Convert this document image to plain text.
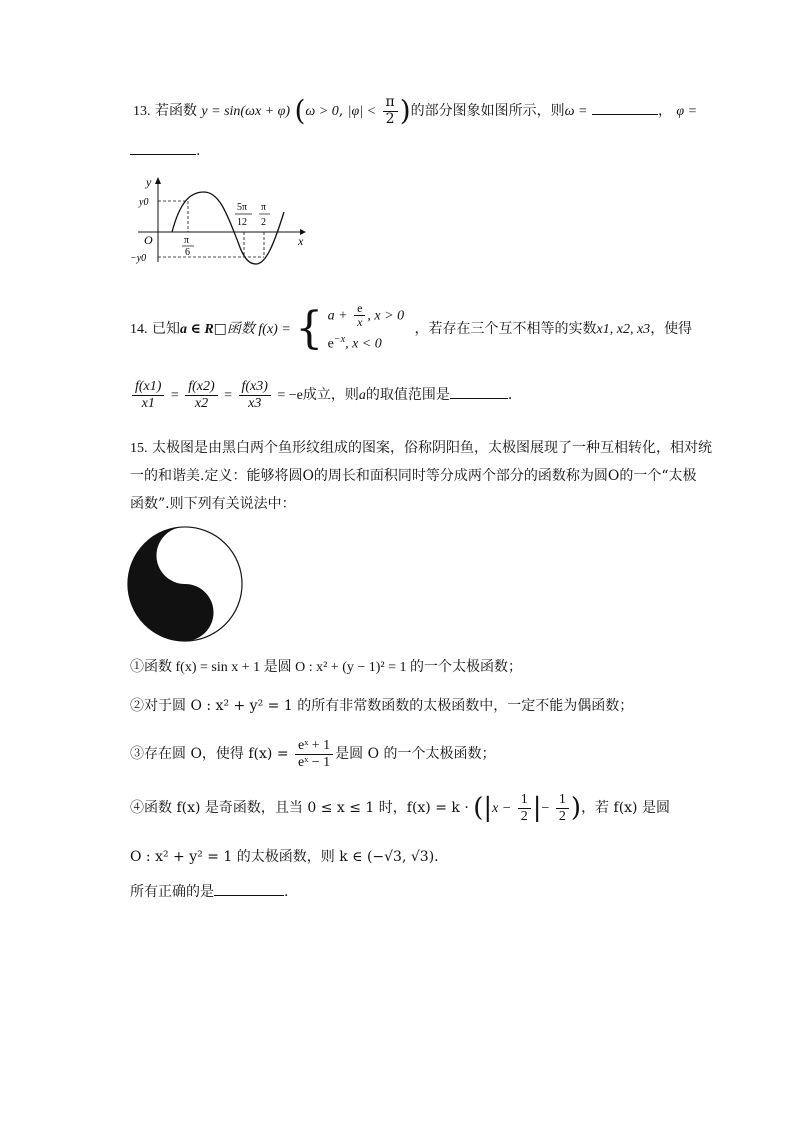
13. 若函数 y = sin(ωx + φ) (ω > 0, $|\varphi| < \frac{\pi}{2}$ )的部分图象如图所示，则ω =	， φ =
.
y
x
O
y0
−y0
π
6
5π
12
π
2
14. 已知a ∈ R□函数 f(x) = { $a + \frac{e}{x}$ , x > 0
$e^{-x}$, x < 0
，若存在三个互不相等的实数x1, x2, x3，使得
$\frac{f(x1)}{x1} = \frac{f(x2)}{x2} = \frac{f(x3)}{x3} = -e$成立，则a的取值范围是	.
15. 太极图是由黑白两个鱼形纹组成的图案，俗称阴阳鱼，太极图展现了一种互相转化，相对统
一的和谐美.定义：能够将圆O的周长和面积同时等分成两个部分的函数称为圆O的一个“太极
函数”.则下列有关说法中：
①函数 f(x) = sin x + 1 是圆 O : x² + (y − 1)² = 1 的一个太极函数；
②对于圆 O : x² + y² = 1 的所有非常数函数的太极函数中，一定不能为偶函数；
③存在圆 O，使得 $f(x) = \frac{\text{eˣ + 1}}{\text{eˣ − 1}}$ 是圆 O 的一个太极函数；
④函数 f(x) 是奇函数，且当 0 ≤ x ≤ 1 时，$f(x) = k \cdot (|x - \frac{1}{2}$ |− $\frac{1}{2}$ )，若 f(x) 是圆
O : x² + y² = 1 的太极函数，则 k ∈ (−√3, √3).
所有正确的是	.
